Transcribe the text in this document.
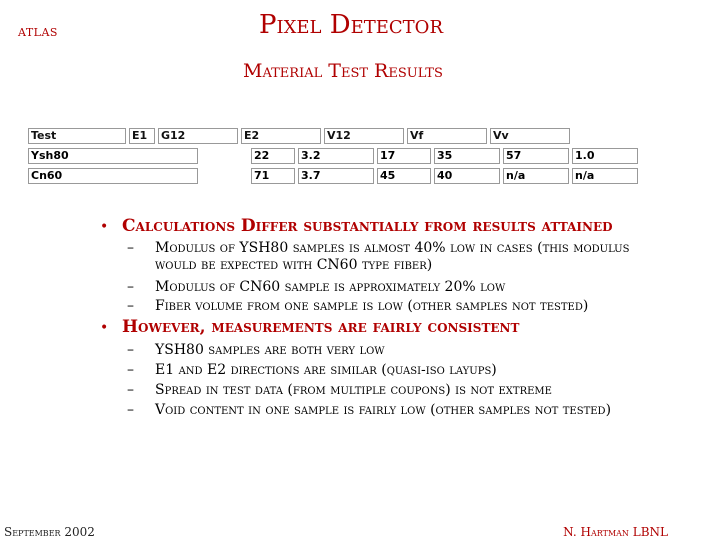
atlas	Pixel Detector
Material Test Results
Test	E1	G12	E2	V12	Vf	Vv
Ysh80	22	3.2	17	35	57	1.0
Cn60	71	3.7	45	40	n/a	n/a
• Calculations Differ substantially from results attained
– Modulus of YSH80 samples is almost 40% low in cases (this modulus would be expected with CN60 type fiber)
– Modulus of CN60 sample is approximately 20% low
– Fiber volume from one sample is low (other samples not tested)
• However, measurements are fairly consistent
– YSH80 samples are both very low
– E1 and E2 directions are similar (quasi-iso layups)
– Spread in test data (from multiple coupons) is not extreme
– Void content in one sample is fairly low (other samples not tested)
September 2002	N. Hartman LBNL
